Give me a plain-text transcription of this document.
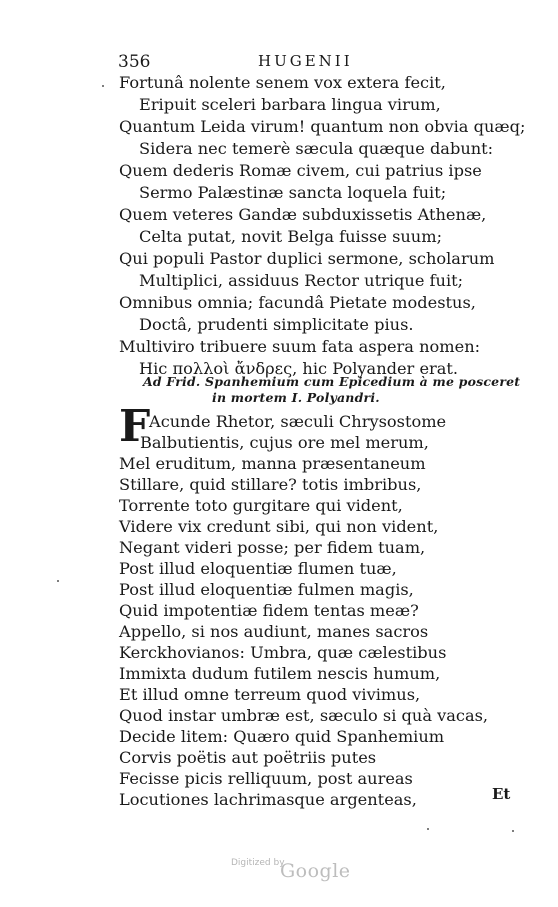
356	HUGENII
Fortunâ nolente senem vox extera fecit,
Eripuit sceleri barbara lingua virum,
Quantum Leida virum! quantum non obvia quæq;
Sidera nec temerè sæcula quæque dabunt:
Quem dederis Romæ civem, cui patrius ipse
Sermo Palæstinæ sancta loquela fuit;
Quem veteres Gandæ subduxissetis Athenæ,
Celta putat, novit Belga fuisse suum;
Qui populi Pastor duplici sermone, scholarum
Multiplici, assiduus Rector utrique fuit;
Omnibus omnia; facundâ Pietate modestus,
Doctâ, prudenti simplicitate pius.
Multiviro tribuere suum fata aspera nomen:
Hic πολλοὶ ἄνδρες, hic Polyander erat.
Ad Frid. Spanhemium cum Epicedium à me posceret
in mortem I. Polyandri.
F
Acunde Rhetor, sæculi Chrysostome
Balbutientis, cujus ore mel merum,
Mel eruditum, manna præsentaneum
Stillare, quid stillare? totis imbribus,
Torrente toto gurgitare qui vident,
Videre vix credunt sibi, qui non vident,
Negant videri posse; per fidem tuam,
Post illud eloquentiæ flumen tuæ,
Post illud eloquentiæ fulmen magis,
Quid impotentiæ fidem tentas meæ?
Appello, si nos audiunt, manes sacros
Kerckhovianos: Umbra, quæ cælestibus
Immixta dudum futilem nescis humum,
Et illud omne terreum quod vivimus,
Quod instar umbræ est, sæculo si quà vacas,
Decide litem: Quæro quid Spanhemium
Corvis poëtis aut poëtriis putes
Fecisse picis relliquum, post aureas
Locutiones lachrimasque argenteas,	Et
Digitized by
Google
